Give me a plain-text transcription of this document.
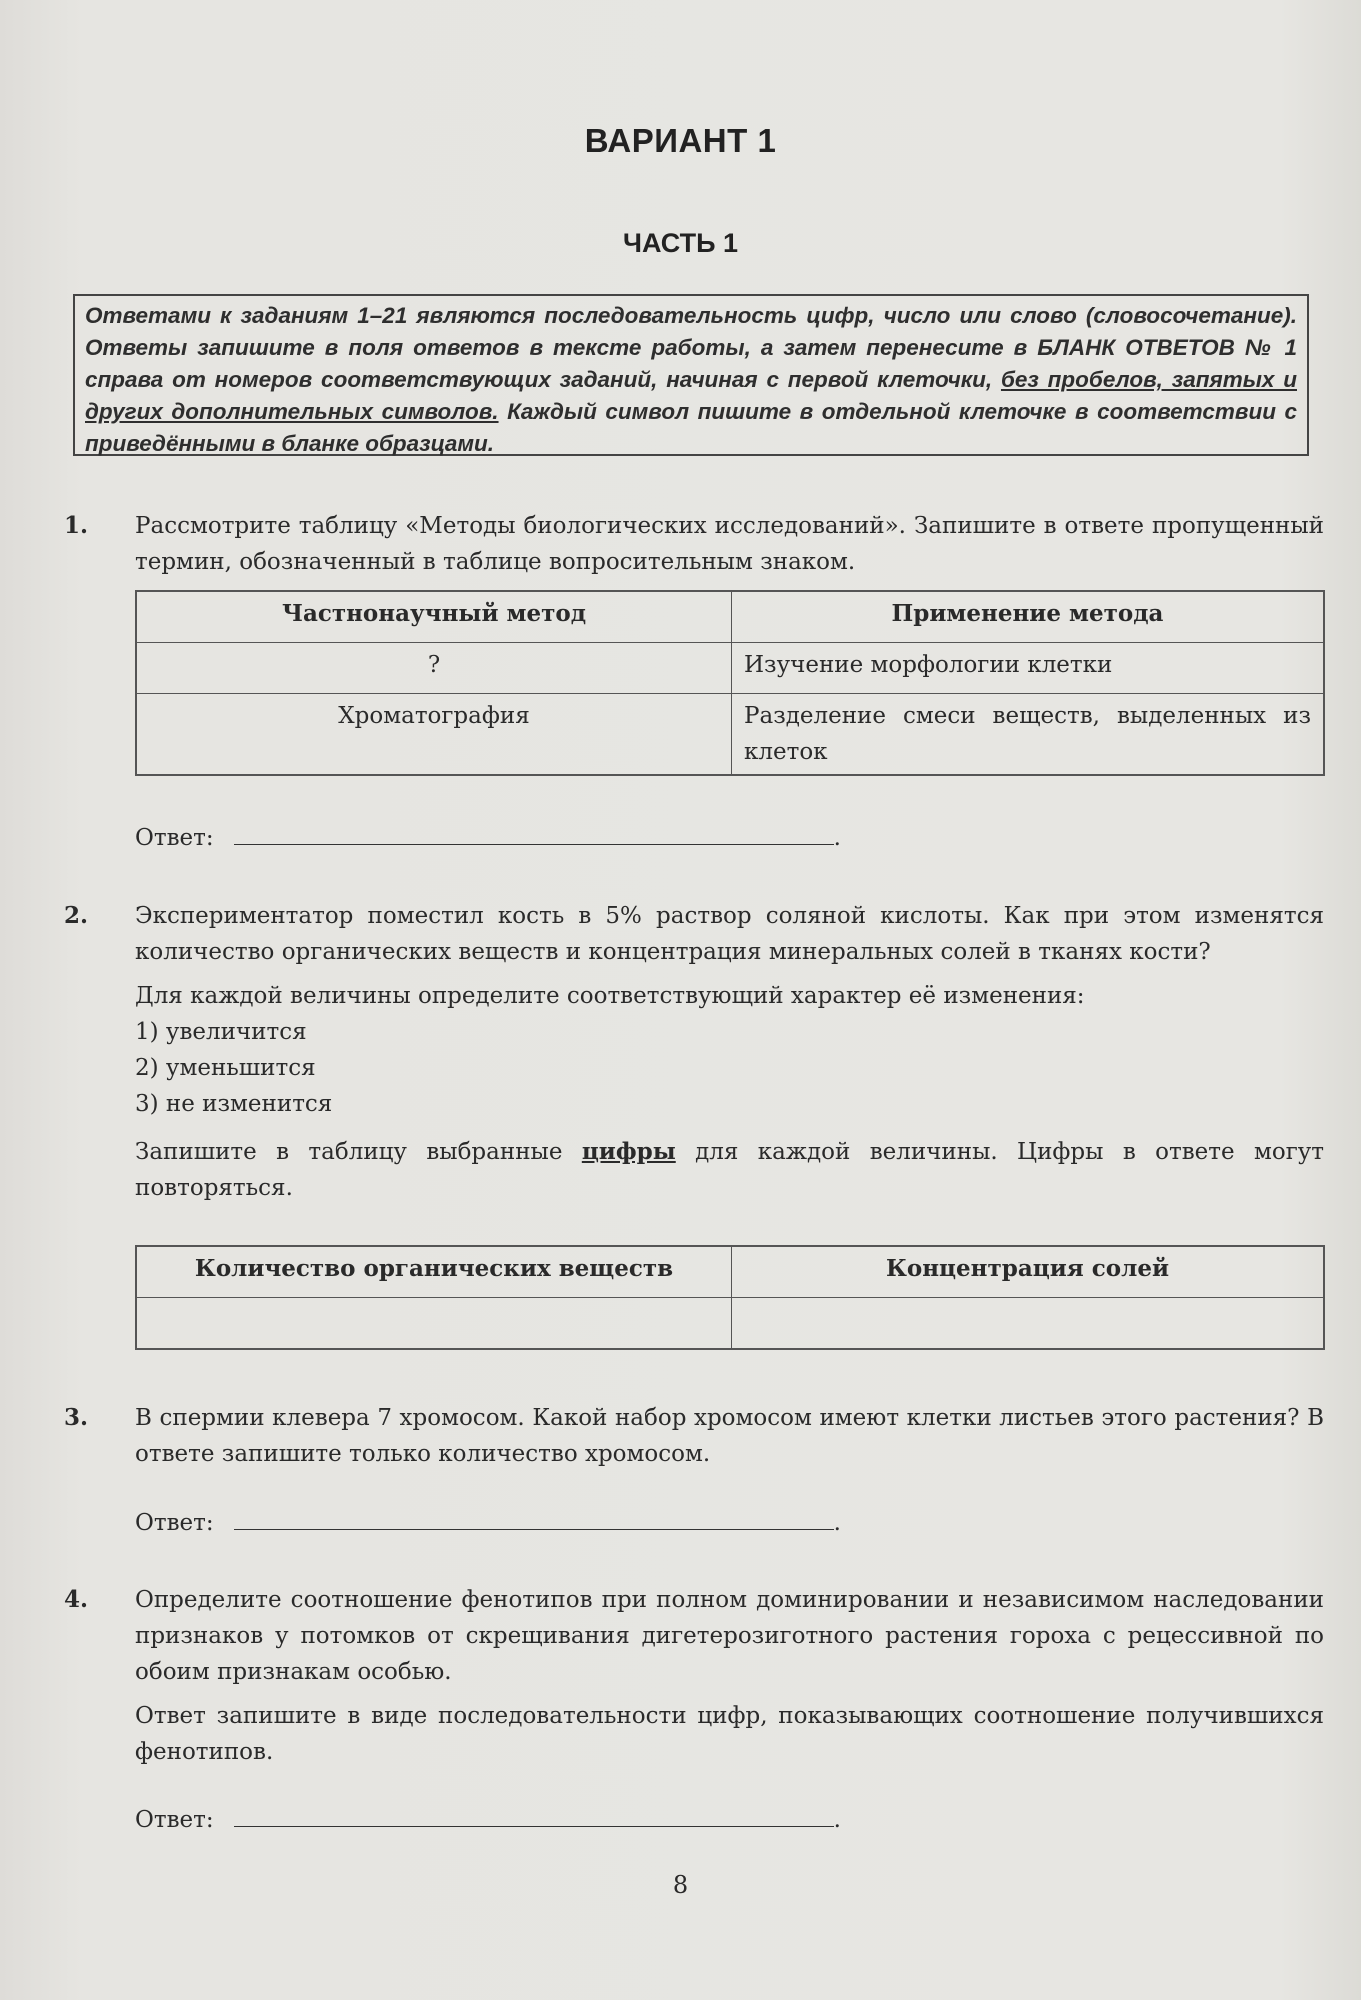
ВАРИАНТ 1
ЧАСТЬ 1
Ответами к заданиям 1–21 являются последовательность цифр, число или слово (словосочетание). Ответы запишите в поля ответов в тексте работы, а затем перенесите в БЛАНК ОТВЕТОВ № 1 справа от номеров соответствующих заданий, начиная с первой клеточки, без пробелов, запятых и других дополнительных символов. Каждый символ пишите в отдельной клеточке в соответствии с приведёнными в бланке образцами.
1. Рассмотрите таблицу «Методы биологических исследований». Запишите в ответе пропущенный термин, обозначенный в таблице вопросительным знаком.

Частнонаучный метод	Применение метода
?	Изучение морфологии клетки
Хроматография	Разделение смеси веществ, выделенных из клеток
Ответ:	.
2. Экспериментатор поместил кость в 5% раствор соляной кислоты. Как при этом изменятся количество органических веществ и концентрация минеральных солей в тканях кости?

Для каждой величины определите соответствующий характер её изменения:

1) увеличится

2) уменьшится

3) не изменится

Запишите в таблицу выбранные цифры для каждой величины. Цифры в ответе могут повторяться.

Количество органических веществ	Концентрация солей

3. В спермии клевера 7 хромосом. Какой набор хромосом имеют клетки листьев этого растения? В ответе запишите только количество хромосом.

Ответ:	.
4. Определите соотношение фенотипов при полном доминировании и независимом наследовании признаков у потомков от скрещивания дигетерозиготного растения гороха с рецессивной по обоим признакам особью.

Ответ запишите в виде последовательности цифр, показывающих соотношение получившихся фенотипов.

Ответ:	.
8
